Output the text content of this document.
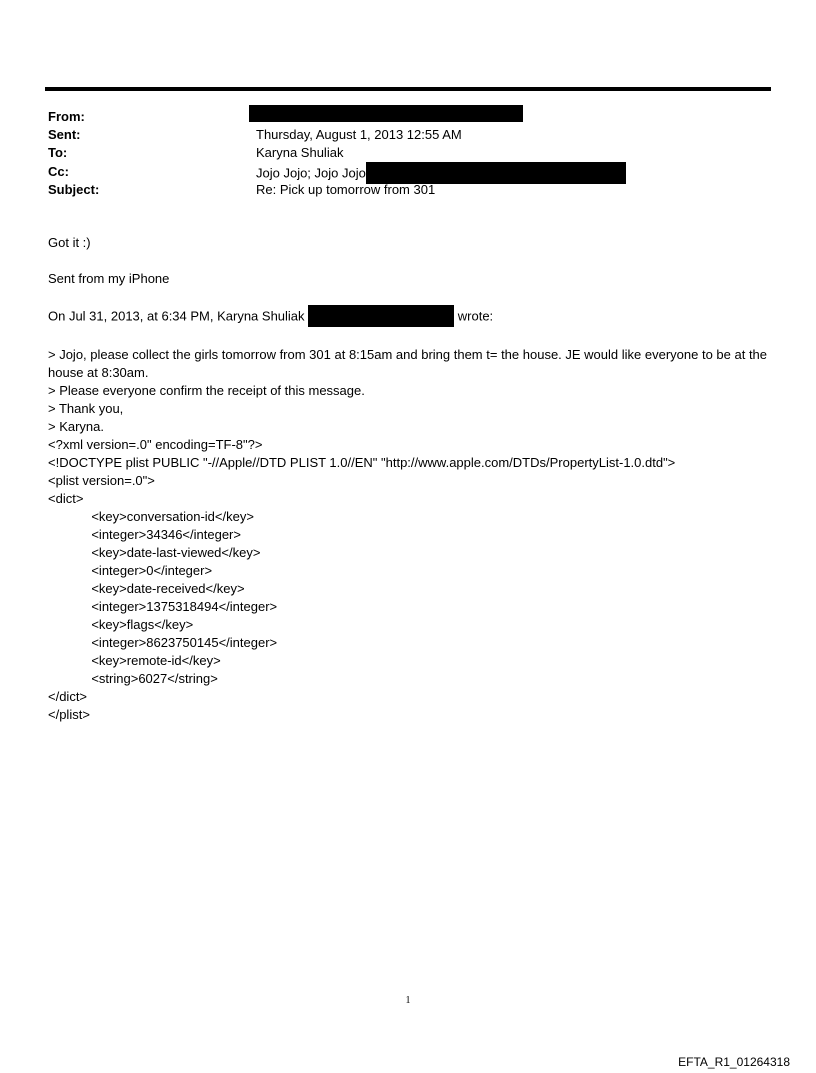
From:
Sent:	Thursday, August 1, 2013 12:55 AM
To:	Karyna Shuliak
Cc:	Jojo Jojo; Jojo Jojo
Subject:	Re: Pick up tomorrow from 301

Got it :)

Sent from my iPhone

On Jul 31, 2013, at 6:34 PM, Karyna Shuliak	wrote:

> Jojo, please collect the girls tomorrow from 301 at 8:15am and bring them t= the house. JE would like everyone to be at the house at 8:30am.

> Please everyone confirm the receipt of this message.

> Thank you,

> Karyna.

<?xml version=.0" encoding=TF-8"?>
<!DOCTYPE plist PUBLIC "-//Apple//DTD PLIST 1.0//EN" "http://www.apple.com/DTDs/PropertyList-1.0.dtd">
<plist version=.0">
<dict>
<key>conversation-id</key>
<integer>34346</integer>
<key>date-last-viewed</key>
<integer>0</integer>
<key>date-received</key>
<integer>1375318494</integer>
<key>flags</key>
<integer>8623750145</integer>
<key>remote-id</key>
<string>6027</string>
</dict>
</plist>
1
EFTA_R1_01264318
